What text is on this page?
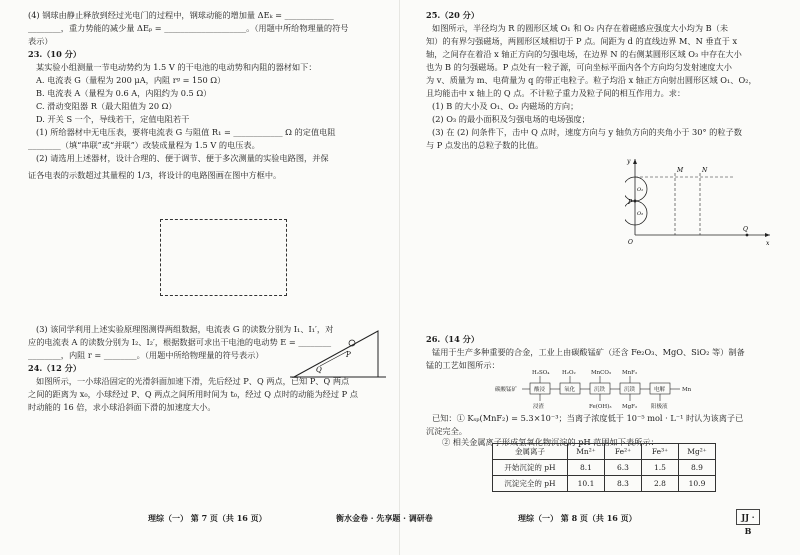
(4) 钢球由静止释放到经过光电门的过程中，钢球动能的增加量 ΔEₖ = ____________
________，重力势能的减少量 ΔEₚ = ____________________。（用题中所给物理量的符号
表示）
23.（10 分）
某实验小组测量一节电动势约为 1.5 V 的干电池的电动势和内阻的器材如下：
A. 电流表 G（量程为 200 μA，内阻 rᵍ = 150 Ω）
B. 电流表 A（量程为 0.6 A，内阻约为 0.5 Ω）
C. 滑动变阻器 R（最大阻值为 20 Ω）
D. 开关 S 一个，导线若干，定值电阻若干
(1) 所给器材中无电压表，要将电流表 G 与阻值 R₁ = ____________ Ω 的定值电阻
________（填“串联”或“并联”）改装成量程为 1.5 V 的电压表。
(2) 请选用上述器材，设计合理的、便于调节、便于多次测量的实验电路图，并保
证各电表的示数超过其量程的 1/3，将设计的电路图画在图中方框中。
(3) 该同学利用上述实验原理图测得两组数据，电流表 G 的读数分别为 I₁、I₁′，对
应的电流表 A 的读数分别为 I₂、I₂′，根据数据可求出干电池的电动势 E = ________
________，内阻 r = ________。（用题中所给物理量的符号表示）
24.（12 分）
如图所示，一小球沿固定的光滑斜面加速下滑，先后经过 P、Q 两点，已知 P、Q 两点
之间的距离为 x₀，小球经过 P、Q 两点之间所用时间为 t₀，经过 Q 点时的动能为经过 P 点
时动能的 16 倍，求小球沿斜面下滑的加速度大小。
P
Q
理综（一） 第 7 页（共 16 页）	衡水金卷 · 先享题 · 调研卷
25.（20 分）
如图所示，半径均为 R 的圆形区域 O₁ 和 O₂ 内存在着磁感应强度大小均为 B（未
知）的有界匀强磁场，两圆形区域相切于 P 点。间距为 d 的直线边界 M、N 垂直于 x
轴，之间存在着沿 x 轴正方向的匀强电场，在边界 N 的右侧某圆形区域 O₃ 中存在大小
也为 B 的匀强磁场。P 点处有一粒子源，可向坐标平面内各个方向均匀发射速度大小
为 v、质量为 m、电荷量为 q 的带正电粒子。粒子均沿 x 轴正方向射出圆形区域 O₁、O₂，
且均能击中 x 轴上的 Q 点。不计粒子重力及粒子间的相互作用力。求：
(1) B 的大小及 O₁、O₂ 内磁场的方向；
(2) O₃ 的最小面积及匀强电场的电场强度；
(3) 在 (2) 问条件下，击中 Q 点时，速度方向与 y 轴负方向的夹角小于 30° 的粒子数
与 P 点发出的总粒子数的比值。
y
x
O
P
O₁
O₂
M	N
Q
26.（14 分）
锰用于生产多种重要的合金，工业上由碳酸锰矿（还含 Fe₂O₃、MgO、SiO₂ 等）制备
锰的工艺如图所示：
碳酸锰矿	酸浸	氧化	沉铁	沉镁	电解	Mn
H₂SO₄ H₂O₂	MnCO₃ MnF₂
浸渣	Fe(OH)₃ MgF₂	阳极液
已知：① Kₛₚ(MnF₂) = 5.3×10⁻³；当离子浓度低于 10⁻⁵ mol · L⁻¹ 时认为该离子已
沉淀完全。
② 相关金属离子形成氢氧化物沉淀的 pH 范围如下表所示：
理综（一） 第 8 页（共 16 页）
金属离子	Mn²⁺	Fe²⁺	Fe³⁺	Mg²⁺
开始沉淀的 pH	8.1	6.3	1.5	8.9
沉淀完全的 pH	10.1	8.3	2.8	10.9
JJ · B
